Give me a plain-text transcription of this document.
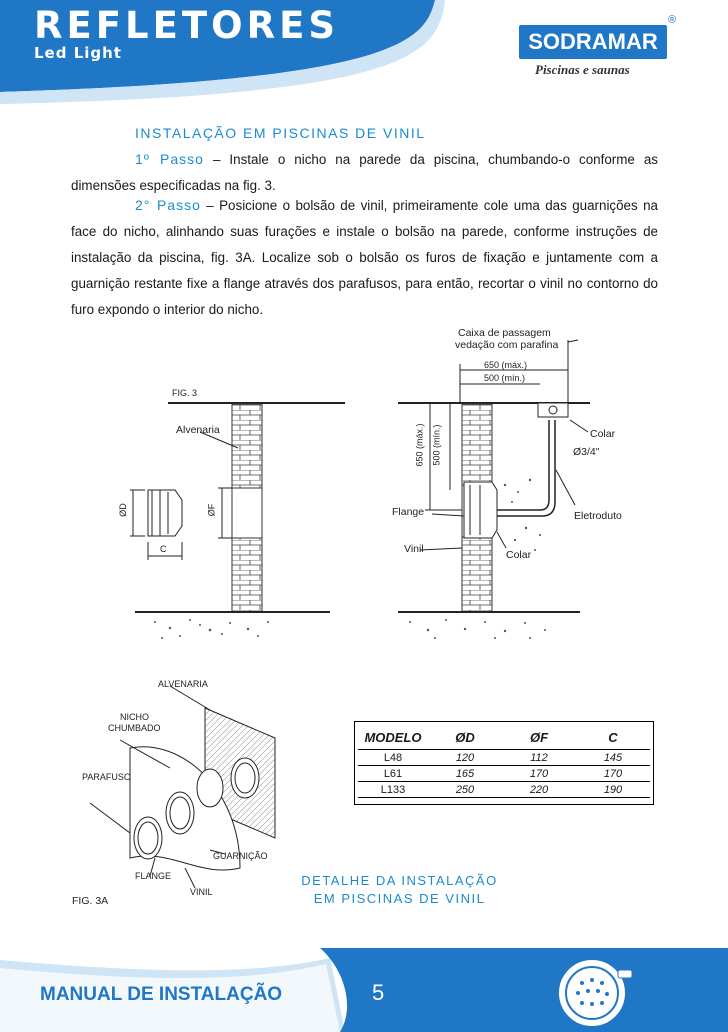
REFLETORES
Led Light	SODRAMAR
®
Piscinas e saunas
INSTALAÇÃO EM PISCINAS DE VINIL
1º Passo – Instale o nicho na parede da piscina, chumbando-o conforme as dimensões especificadas na fig. 3.
2° Passo – Posicione o bolsão de vinil, primeiramente cole uma das guarnições na face do nicho, alinhando suas furações e instale o bolsão na parede, conforme instruções de instalação da piscina, fig. 3A. Localize sob o bolsão os furos de fixação e juntamente com a guarnição restante fixe a flange através dos parafusos, para então, recortar o vinil no contorno do furo expondo o interior do nicho.
FIG. 3
Alvenaria
ØD	ØF
C
Caixa de passagem
vedação com parafina
650 (máx.)
500 (mín.)
650 (máx.) 500 (mín.)	Colar
Ø3/4"
Flange	Eletroduto
Vinil	Colar
ALVENARIA
NICHO
CHUMBADO
PARAFUSO
GUARNIÇÃO
FLANGE
VINIL
FIG. 3A
MODELO	ØD	ØF	C
L48	120	112	145
L61	165	170	170
L133	250	220	190
DETALHE DA INSTALAÇÃO
EM PISCINAS DE VINIL
MANUAL DE INSTALAÇÃO	5
